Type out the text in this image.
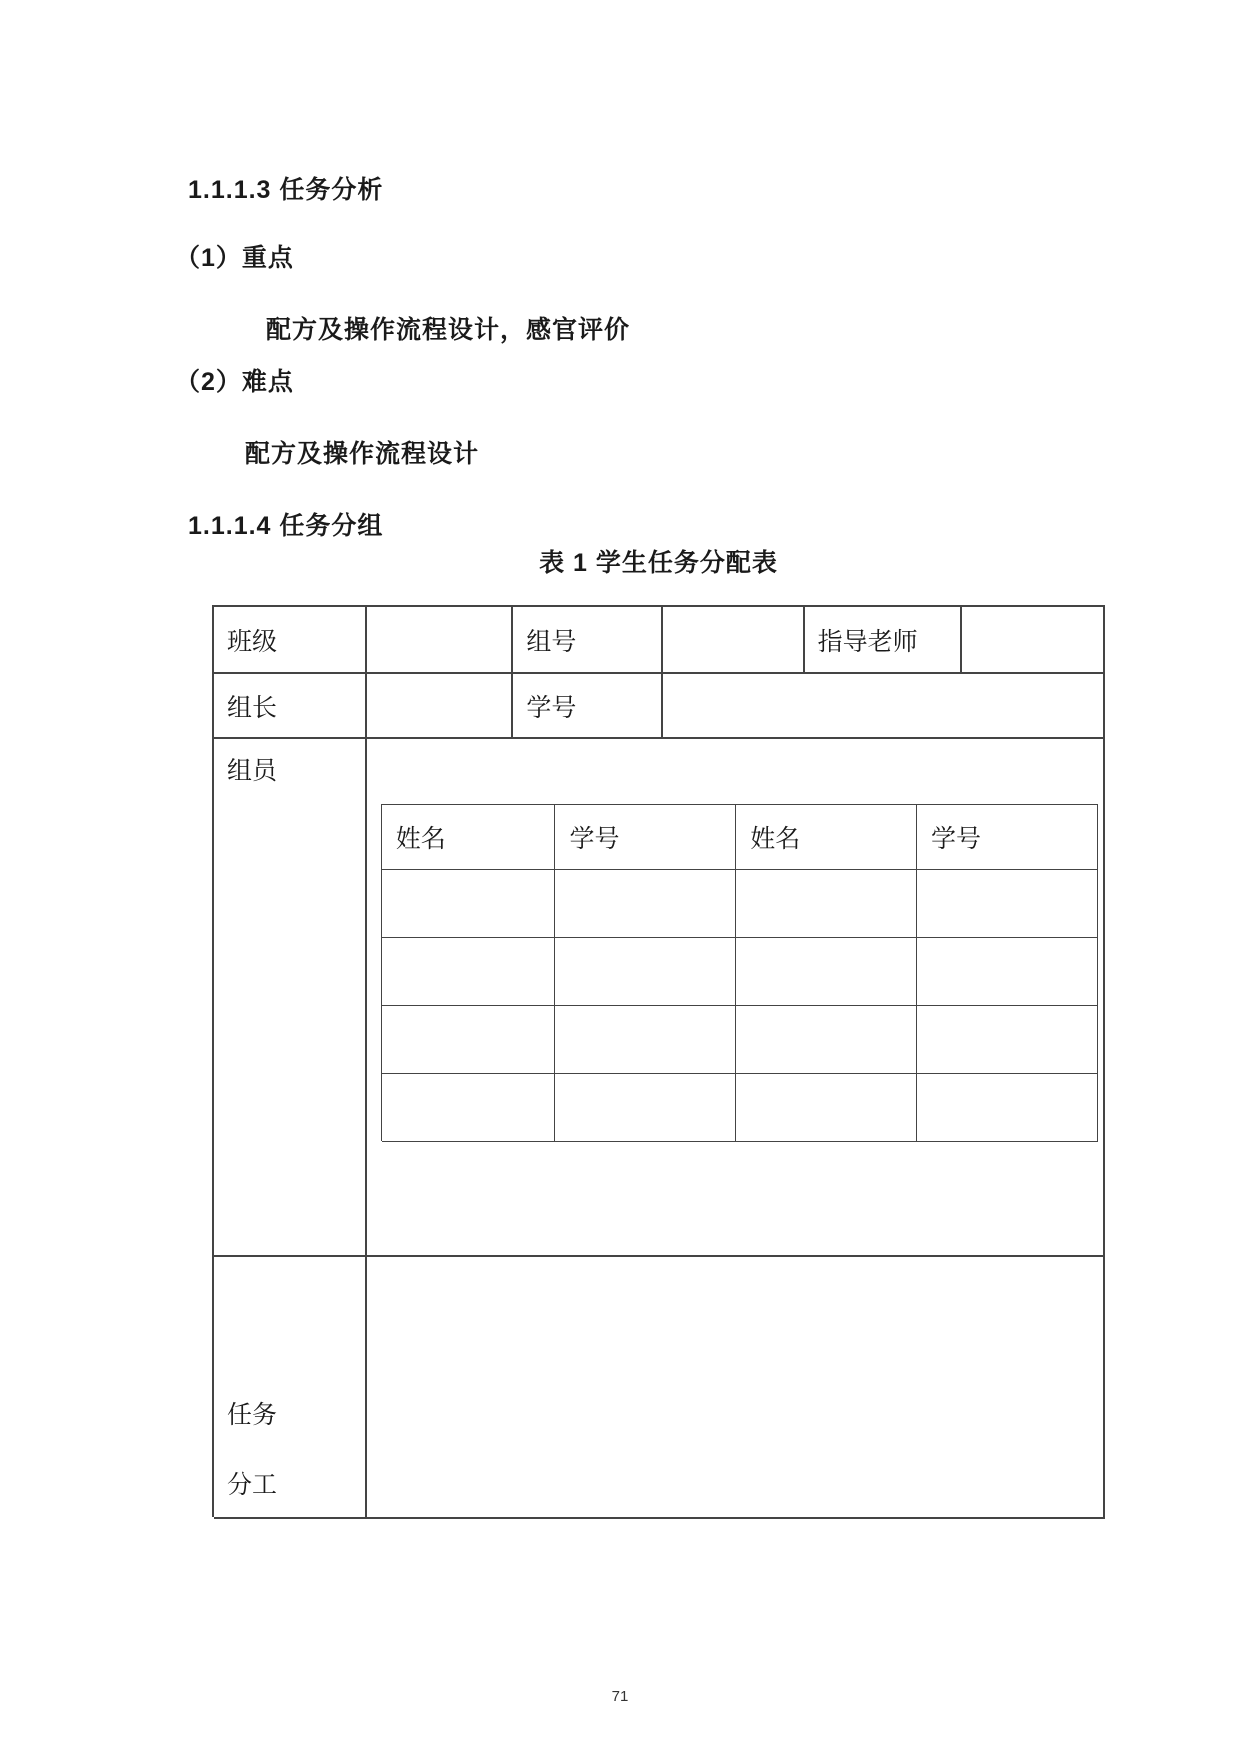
1.1.1.3 任务分析
（1）重点
配方及操作流程设计，感官评价
（2）难点
配方及操作流程设计
1.1.1.4 任务分组
表 1 学生任务分配表
班级	组号	指导老师
组长	学号
组员
姓名	学号	姓名	学号
任务
分工
71
